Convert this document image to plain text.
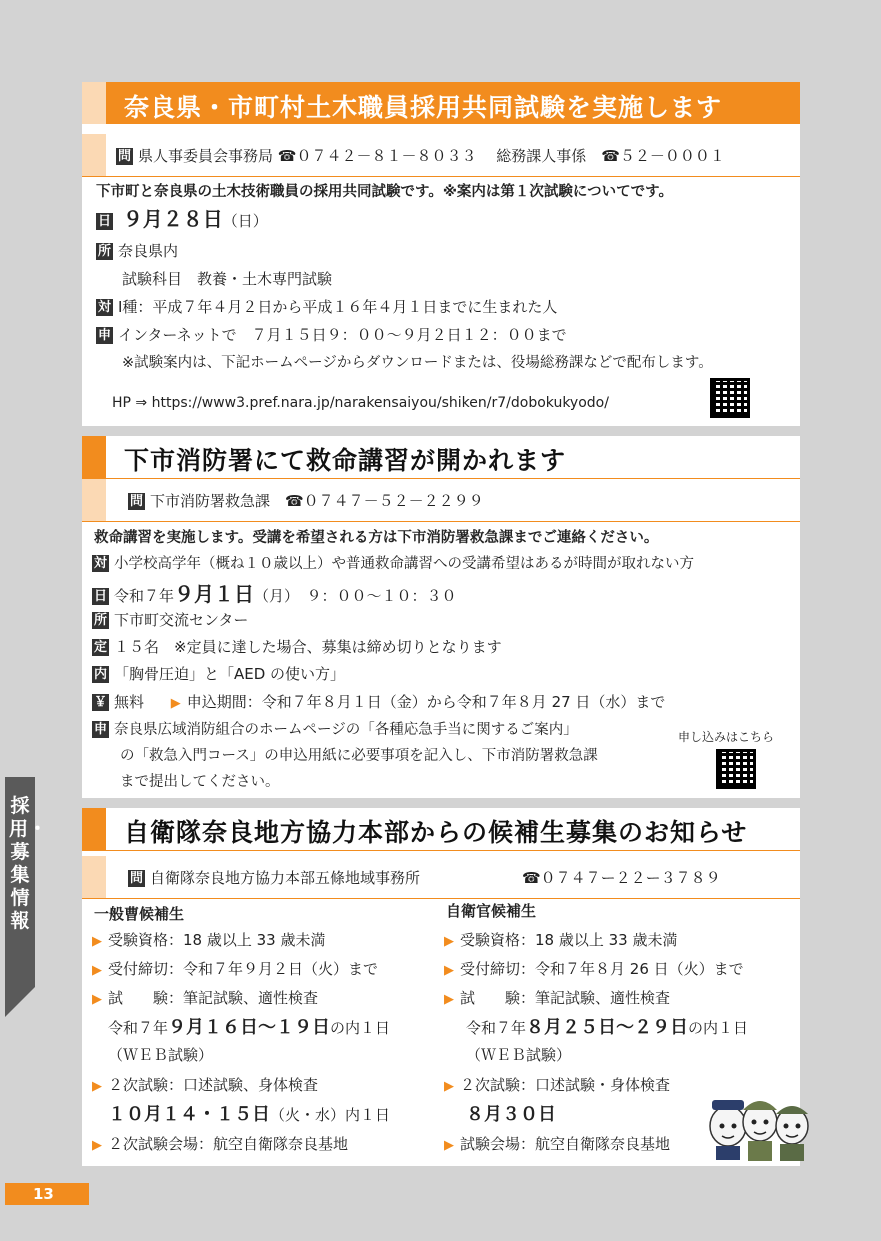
奈良県・市町村土木職員採用共同試験を実施します
問 県人事委員会事務局 ☎０７４２－８１－８０３３　 総務課人事係　☎５２－０００１
下市町と奈良県の土木技術職員の採用共同試験です。※案内は第１次試験についてです。
日 ９月２８日（日）
所 奈良県内
試験科目　教養・土木専門試験
対 Ⅰ種：平成７年４月２日から平成１６年４月１日までに生まれた人
申 インターネットで　７月１５日９：００～９月２日１２：００まで
※試験案内は、下記ホームページからダウンロードまたは、役場総務課などで配布します。
HP ⇒ https://www3.pref.nara.jp/narakensaiyou/shiken/r7/dobokukyodo/
下市消防署にて救命講習が開かれます
問 下市消防署救急課　☎０７４７－５２－２２９９
救命講習を実施します。受講を希望される方は下市消防署救急課までご連絡ください。
対 小学校高学年（概ね１０歳以上）や普通救命講習への受講希望はあるが時間が取れない方
日 令和７年９月１日（月）　９：００～１０：３０
所 下市町交流センター
定 １５名　※定員に達した場合、募集は締め切りとなります
内 「胸骨圧迫」と「AED の使い方」
￥ 無料 ▶ 申込期間：令和７年８月１日（金）から令和７年８月 27 日（水）まで
申 奈良県広域消防組合のホームページの「各種応急手当に関するご案内」
の「救急入門コース」の申込用紙に必要事項を記入し、下市消防署救急課
まで提出してください。
申し込みはこちら
自衛隊奈良地方協力本部からの候補生募集のお知らせ
問 自衛隊奈良地方協力本部五條地域事務所	☎０７４７ー２２ー３７８９
一般曹候補生
▶ 受験資格：18 歳以上 33 歳未満
▶ 受付締切：令和７年９月２日（火）まで
▶ 試　　験：筆記試験、適性検査
令和７年９月１６日～１９日の内１日
（ＷＥＢ試験）
▶ ２次試験：口述試験、身体検査
１０月１４・１５日（火・水）内１日
▶ ２次試験会場：航空自衛隊奈良基地
自衛官候補生
▶ 受験資格：18 歳以上 33 歳未満
▶ 受付締切：令和７年８月 26 日（火）まで
▶ 試　　験：筆記試験、適性検査
令和７年８月２５日～２９日の内１日
（ＷＥＢ試験）
▶ ２次試験：口述試験・身体検査
８月３０日
▶ 試験会場：航空自衛隊奈良基地
採用・募集情報
13
